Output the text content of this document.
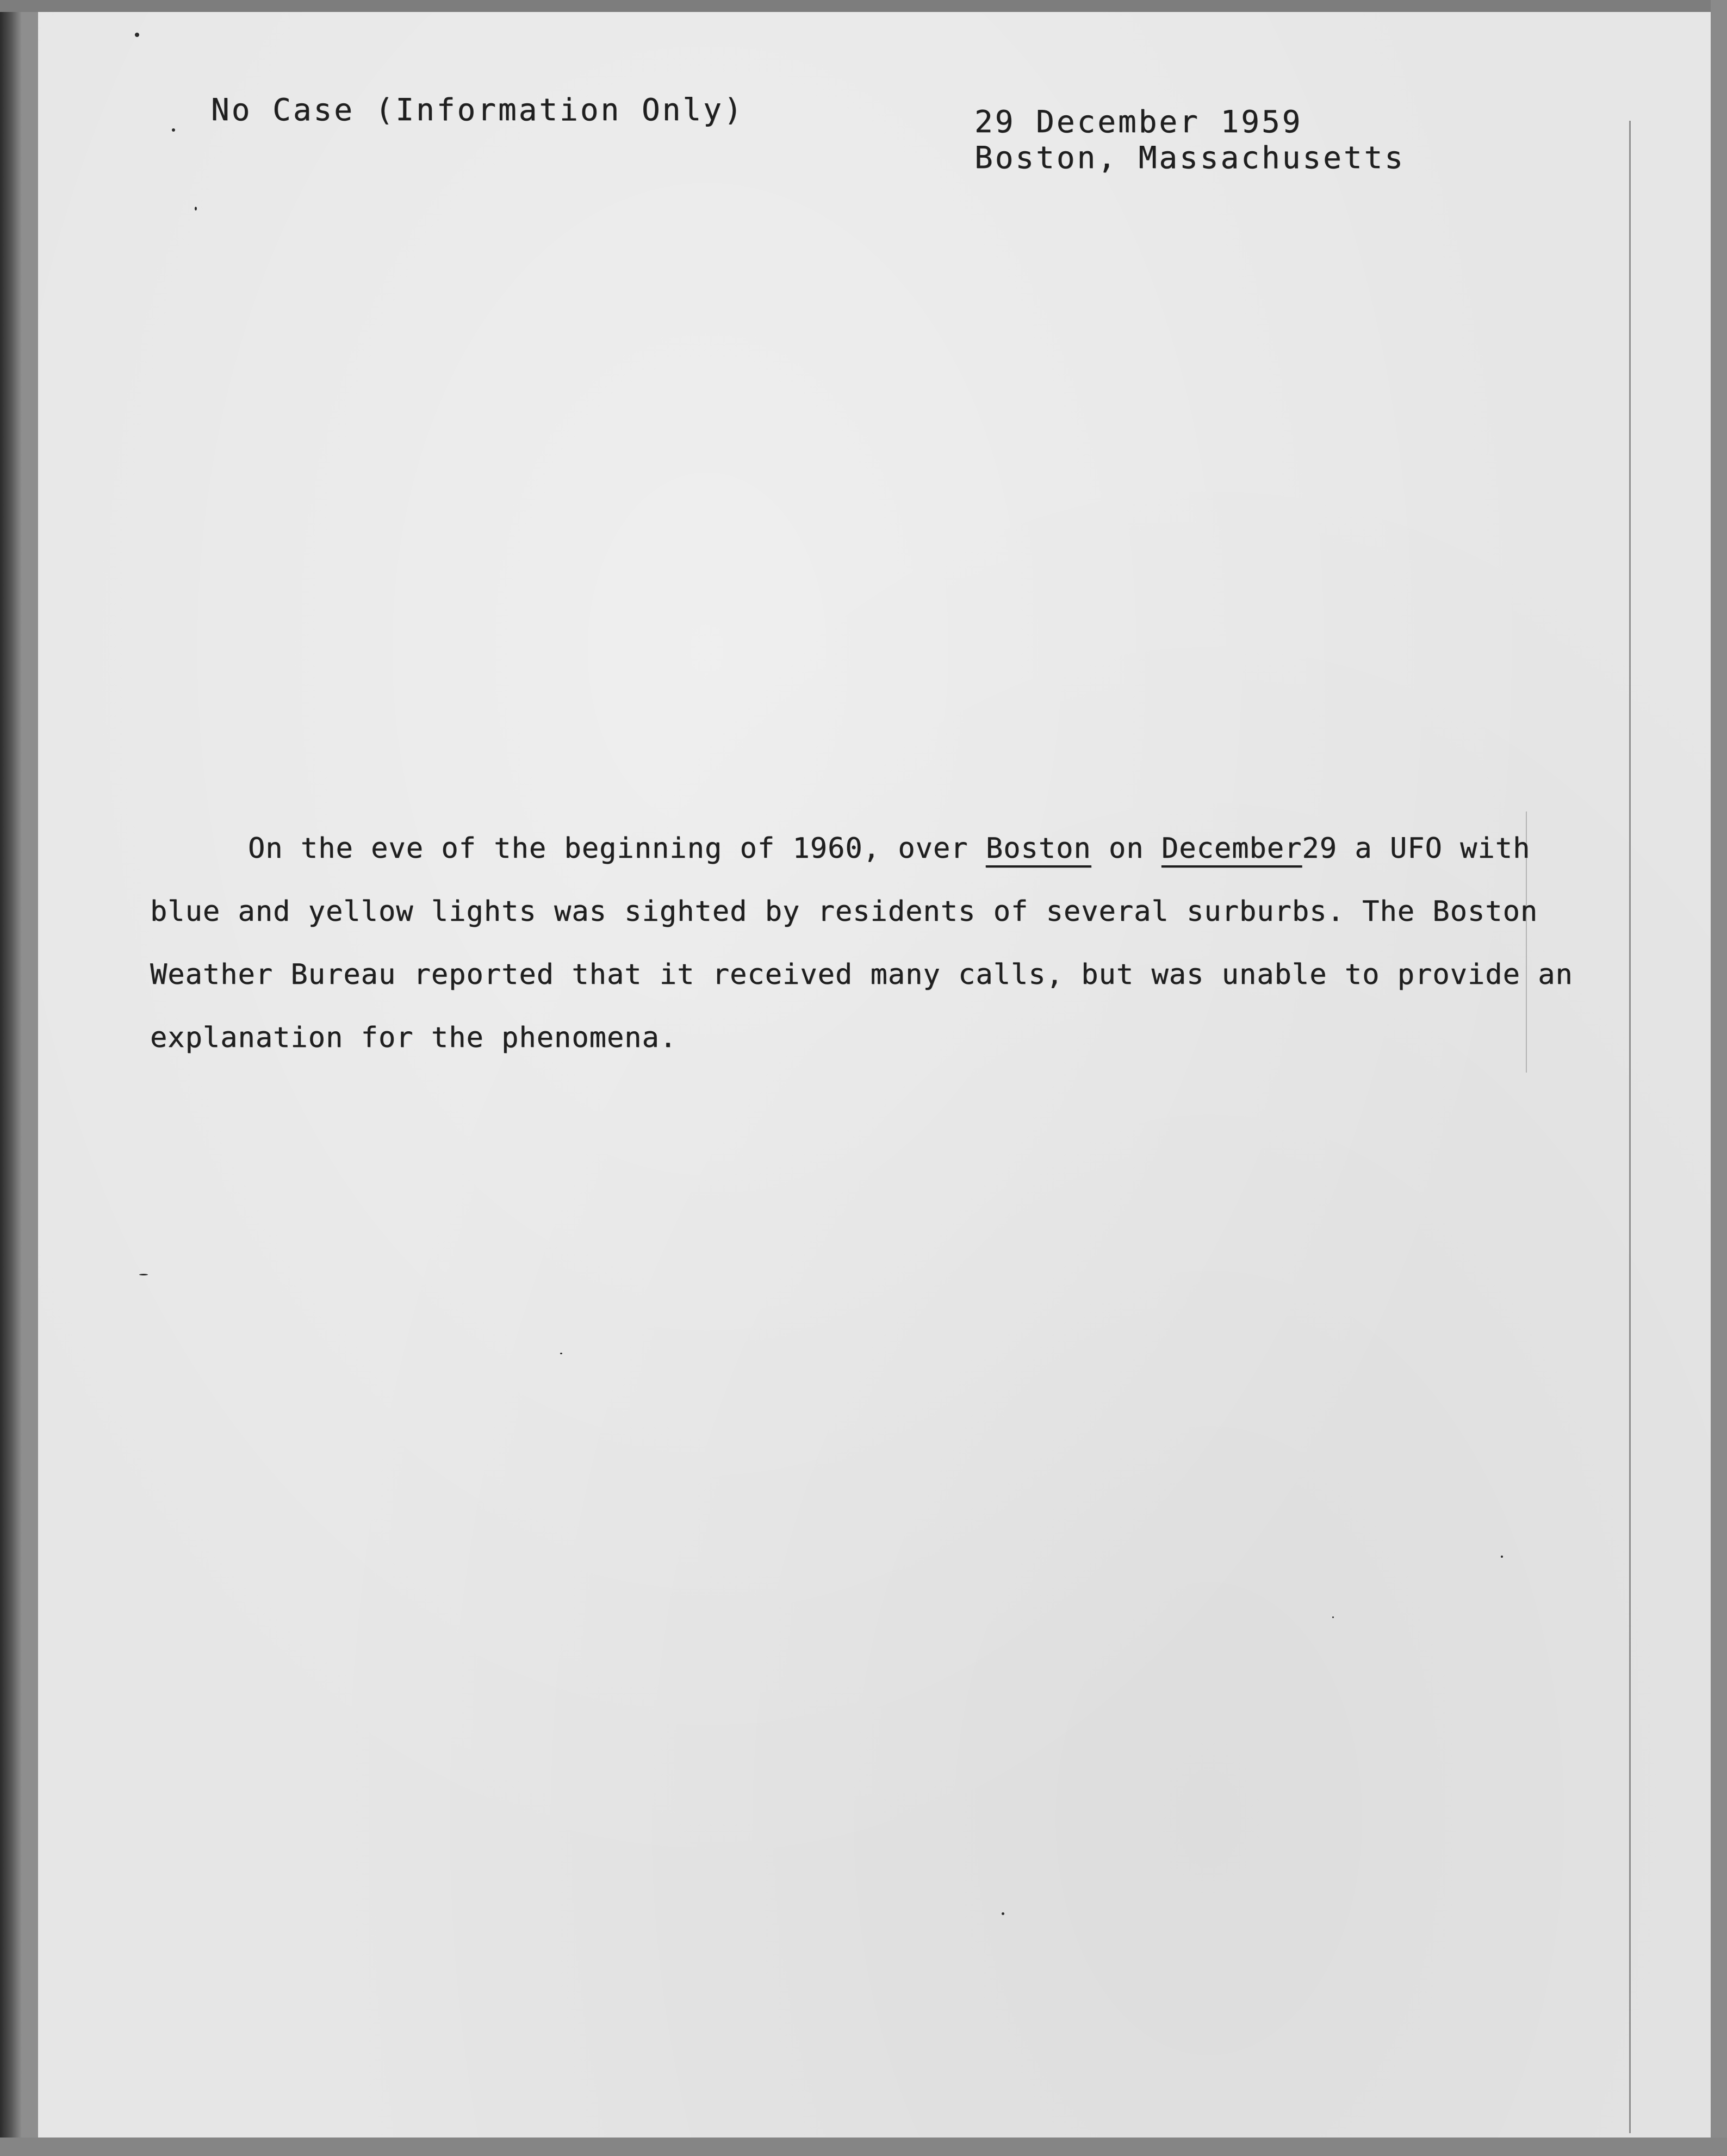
No Case (Information Only)	29 December 1959
Boston, Massachusetts
On the eve of the beginning of 1960, over Boston on December29 a UFO with
blue and yellow lights was sighted by residents of several surburbs. The Boston
Weather Bureau reported that it received many calls, but was unable to provide an
explanation for the phenomena.
